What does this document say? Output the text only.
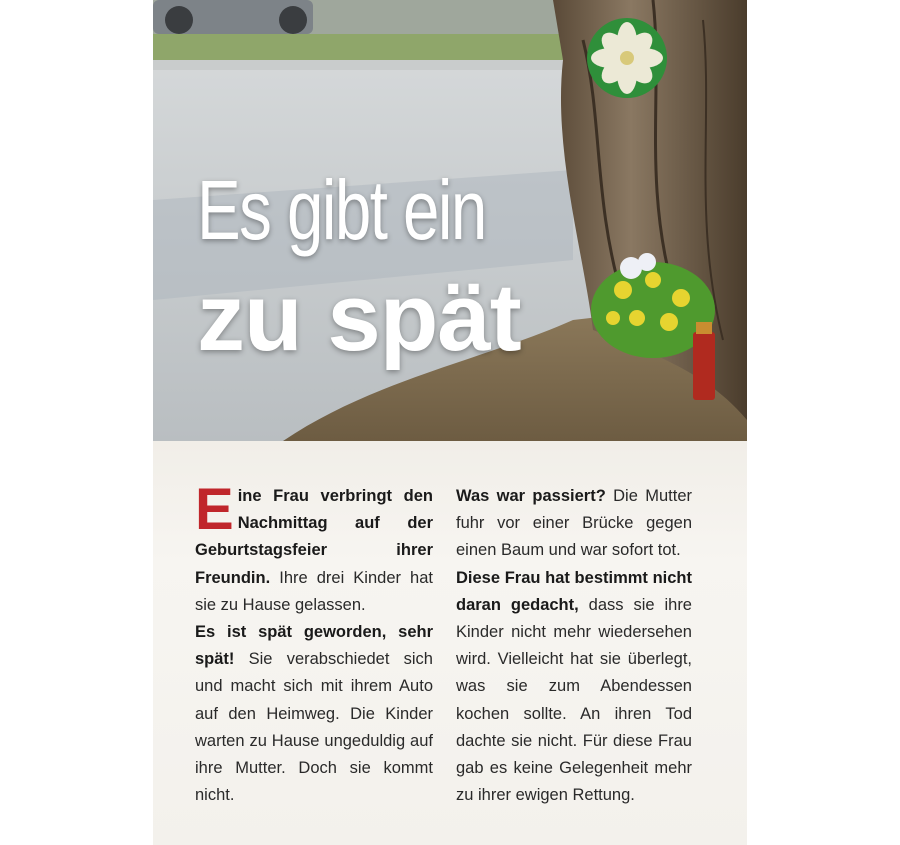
Es gibt ein
zu spät

Eine Frau verbringt den Nachmittag auf der Geburtstagsfeier ihrer Freundin. Ihre drei Kinder hat sie zu Hause gelassen.

Es ist spät geworden, sehr spät! Sie verabschiedet sich und macht sich mit ihrem Auto auf den Heimweg. Die Kinder warten zu Hause ungeduldig auf ihre Mutter. Doch sie kommt nicht.

Was war passiert? Die Mutter fuhr vor einer Brücke gegen einen Baum und war sofort tot.

Diese Frau hat bestimmt nicht daran gedacht, dass sie ihre Kinder nicht mehr wiedersehen wird. Vielleicht hat sie überlegt, was sie zum Abendessen kochen sollte. An ihren Tod dachte sie nicht. Für diese Frau gab es keine Gelegenheit mehr zu ihrer ewigen Rettung.
